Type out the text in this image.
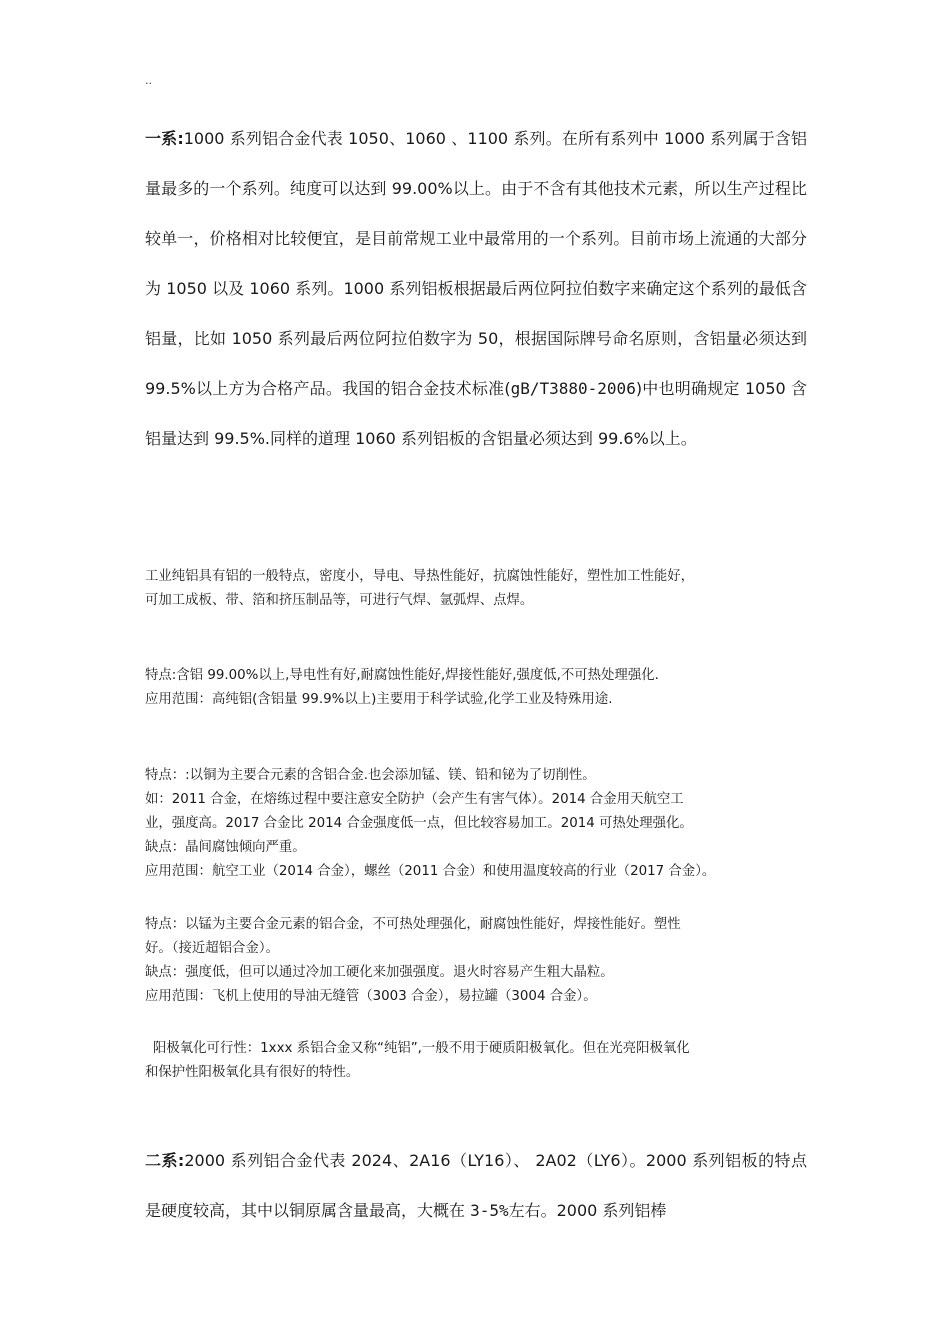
..

一系:1000 系列铝合金代表 1050、1060 、1100 系列。在所有系列中 1000 系列属于含铝量最多的一个系列。纯度可以达到 99.00%以上。由于不含有其他技术元素，所以生产过程比较单一，价格相对比较便宜，是目前常规工业中最常用的一个系列。目前市场上流通的大部分为 1050 以及 1060 系列。1000 系列铝板根据最后两位阿拉伯数字来确定这个系列的最低含铝量，比如 1050 系列最后两位阿拉伯数字为 50，根据国际牌号命名原则，含铝量必须达到 99.5%以上方为合格产品。我国的铝合金技术标准(gB/T3880-2006)中也明确规定 1050 含铝量达到 99.5%.同样的道理 1060 系列铝板的含铝量必须达到 99.6%以上。

工业纯铝具有铝的一般特点，密度小，导电、导热性能好，抗腐蚀性能好，塑性加工性能好，
可加工成板、带、箔和挤压制品等，可进行气焊、氩弧焊、点焊。
特点:含铝 99.00%以上,导电性有好,耐腐蚀性能好,焊接性能好,强度低,不可热处理强化.
应用范围：高纯铝(含铝量 99.9%以上)主要用于科学试验,化学工业及特殊用途.
特点：:以铜为主要合元素的含铝合金.也会添加锰、镁、铅和铋为了切削性。
如：2011 合金，在熔练过程中要注意安全防护（会产生有害气体）。2014 合金用天航空工
业，强度高。2017 合金比 2014 合金强度低一点，但比较容易加工。2014 可热处理强化。
缺点：晶间腐蚀倾向严重。
应用范围：航空工业（2014 合金），螺丝（2011 合金）和使用温度较高的行业（2017 合金）。
特点：以锰为主要合金元素的铝合金，不可热处理强化，耐腐蚀性能好，焊接性能好。塑性
好。（接近超铝合金）。
缺点：强度低，但可以通过冷加工硬化来加强强度。退火时容易产生粗大晶粒。
应用范围：飞机上使用的导油无缝管（3003 合金），易拉罐（3004 合金）。
阳极氧化可行性：1xxx 系铝合金又称“纯铝”,一般不用于硬质阳极氧化。但在光亮阳极氧化
和保护性阳极氧化具有很好的特性。

二系:2000 系列铝合金代表 2024、2A16（LY16）、 2A02（LY6）。2000 系列铝板的特点是硬度较高，其中以铜原属含量最高，大概在 3-5%左右。2000 系列铝棒
